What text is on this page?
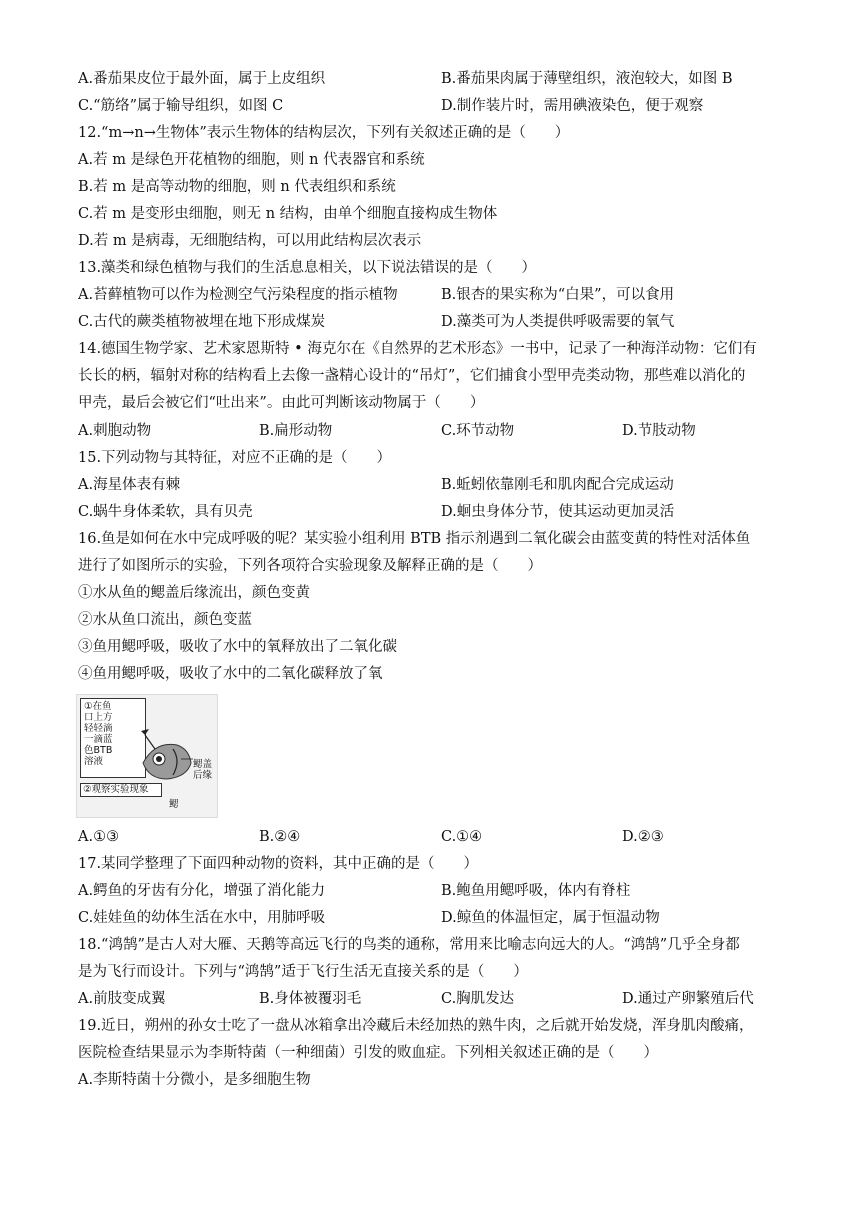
A.番茄果皮位于最外面，属于上皮组织	B.番茄果肉属于薄壁组织，液泡较大，如图 B
C.“筋络”属于输导组织，如图 C	D.制作装片时，需用碘液染色，便于观察
12.“m→n→生物体”表示生物体的结构层次，下列有关叙述正确的是（　　）
A.若 m 是绿色开花植物的细胞，则 n 代表器官和系统
B.若 m 是高等动物的细胞，则 n 代表组织和系统
C.若 m 是变形虫细胞，则无 n 结构，由单个细胞直接构成生物体
D.若 m 是病毒，无细胞结构，可以用此结构层次表示
13.藻类和绿色植物与我们的生活息息相关，以下说法错误的是（　　）
A.苔藓植物可以作为检测空气污染程度的指示植物	B.银杏的果实称为“白果”，可以食用
C.古代的蕨类植物被埋在地下形成煤炭	D.藻类可为人类提供呼吸需要的氧气
14.德国生物学家、艺术家恩斯特 • 海克尔在《自然界的艺术形态》一书中，记录了一种海洋动物：它们有
长长的柄，辐射对称的结构看上去像一盏精心设计的“吊灯”，它们捕食小型甲壳类动物，那些难以消化的
甲壳，最后会被它们“吐出来”。由此可判断该动物属于（　　）
A.刺胞动物	B.扁形动物	C.环节动物	D.节肢动物
15.下列动物与其特征，对应不正确的是（　　）
A.海星体表有棘	B.蚯蚓依靠刚毛和肌肉配合完成运动
C.蜗牛身体柔软，具有贝壳	D.蛔虫身体分节，使其运动更加灵活
16.鱼是如何在水中完成呼吸的呢？某实验小组利用 BTB 指示剂遇到二氧化碳会由蓝变黄的特性对活体鱼
进行了如图所示的实验，下列各项符合实验现象及解释正确的是（　　）
①水从鱼的鳃盖后缘流出，颜色变黄
②水从鱼口流出，颜色变蓝
③鱼用鳃呼吸，吸收了水中的氧释放出了二氧化碳
④鱼用鳃呼吸，吸收了水中的二氧化碳释放了氧
①在鱼
口上方
轻轻滴
一滴蓝
色BTB
溶液	鳃盖
后缘
②观察实验现象
鳃
A.①③	B.②④	C.①④	D.②③
17.某同学整理了下面四种动物的资料，其中正确的是（　　）
A.鳄鱼的牙齿有分化，增强了消化能力	B.鲍鱼用鳃呼吸，体内有脊柱
C.娃娃鱼的幼体生活在水中，用肺呼吸	D.鲸鱼的体温恒定，属于恒温动物
18.“鸿鹄”是古人对大雁、天鹅等高远飞行的鸟类的通称，常用来比喻志向远大的人。“鸿鹄”几乎全身都
是为飞行而设计。下列与“鸿鹄”适于飞行生活无直接关系的是（　　）
A.前肢变成翼	B.身体被覆羽毛	C.胸肌发达	D.通过产卵繁殖后代
19.近日，朔州的孙女士吃了一盘从冰箱拿出冷藏后未经加热的熟牛肉，之后就开始发烧，浑身肌肉酸痛，
医院检查结果显示为李斯特菌（一种细菌）引发的败血症。下列相关叙述正确的是（　　）
A.李斯特菌十分微小，是多细胞生物
